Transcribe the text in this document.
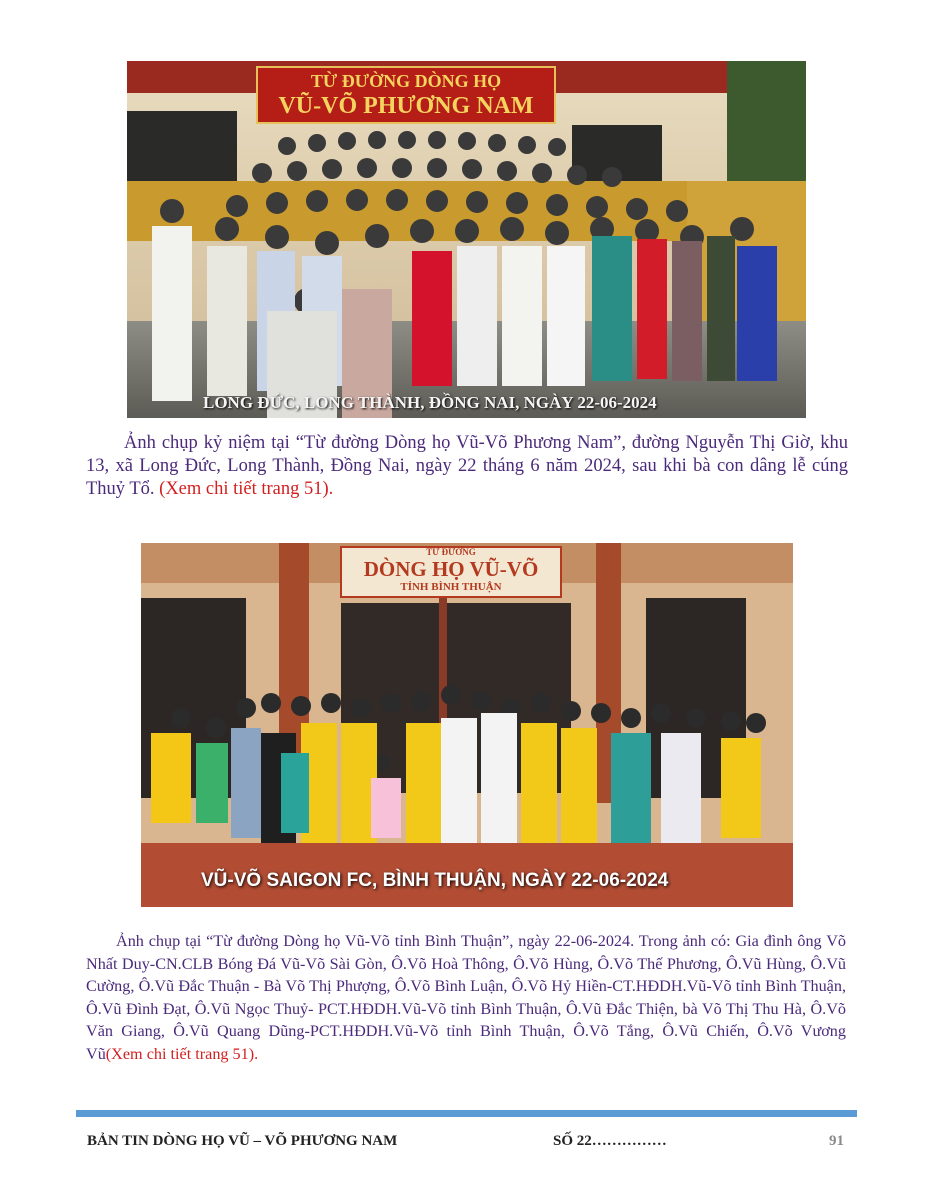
TỪ ĐƯỜNG DÒNG HỌ
VŨ-VÕ PHƯƠNG NAM
LONG ĐỨC, LONG THÀNH, ĐỒNG NAI, NGÀY 22-06-2024
Ảnh chụp kỷ niệm tại “Từ đường Dòng họ Vũ-Võ Phương Nam”, đường Nguyễn Thị Giờ, khu 13, xã Long Đức, Long Thành, Đồng Nai, ngày 22 tháng 6 năm 2024, sau khi bà con dâng lễ cúng Thuỷ Tổ. (Xem chi tiết trang 51).
TỪ ĐƯỜNG
DÒNG HỌ VŨ-VÕ
TỈNH BÌNH THUẬN
VŨ-VÕ SAIGON FC, BÌNH THUẬN, NGÀY 22-06-2024
Ảnh chụp tại “Từ đường Dòng họ Vũ-Võ tỉnh Bình Thuận”, ngày 22-06-2024. Trong ảnh có: Gia đình ông Võ Nhất Duy-CN.CLB Bóng Đá Vũ-Võ Sài Gòn, Ô.Võ Hoà Thông, Ô.Võ Hùng, Ô.Võ Thế Phương, Ô.Vũ Hùng, Ô.Vũ Cường, Ô.Vũ Đắc Thuận - Bà Võ Thị Phượng, Ô.Võ Bình Luận, Ô.Võ Hỷ Hiền-CT.HĐDH.Vũ-Võ tỉnh Bình Thuận, Ô.Vũ Đình Đạt, Ô.Vũ Ngọc Thuỷ- PCT.HĐDH.Vũ-Võ tỉnh Bình Thuận, Ô.Vũ Đắc Thiện, bà Võ Thị Thu Hà, Ô.Võ Văn Giang, Ô.Vũ Quang Dũng-PCT.HĐDH.Vũ-Võ tỉnh Bình Thuận, Ô.Võ Tắng, Ô.Vũ Chiến, Ô.Võ Vương Vũ(Xem chi tiết trang 51).
BẢN TIN DÒNG HỌ VŨ – VÕ PHƯƠNG NAM	SỐ 22……………	91
